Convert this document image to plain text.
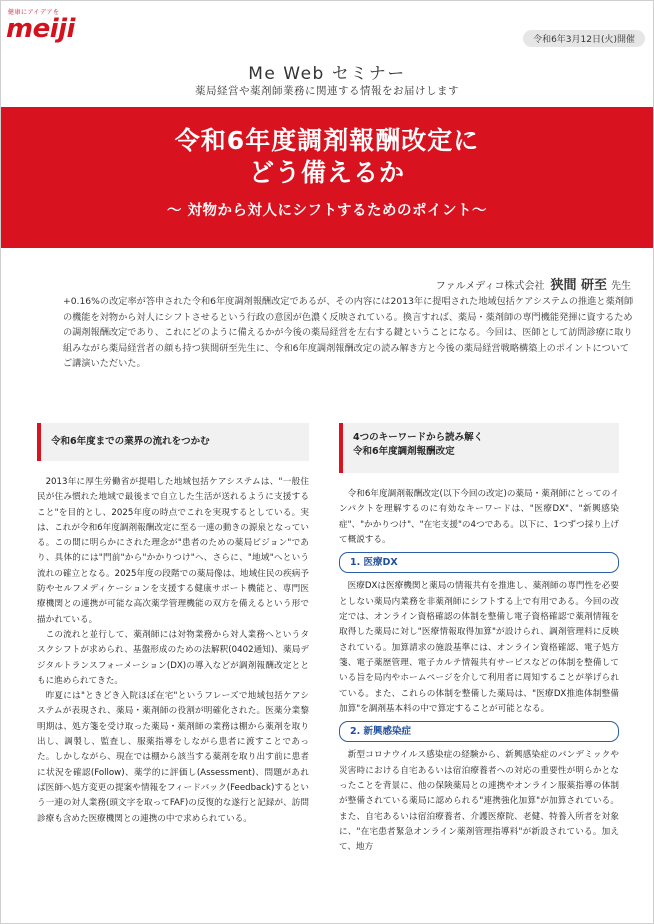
健康にアイデアを
meiji	令和6年3月12日(火)開催
Me Web セミナー
薬局経営や薬剤師業務に関連する情報をお届けします
令和6年度調剤報酬改定に
どう備えるか
～ 対物から対人にシフトするためのポイント～
ファルメディコ株式会社 狭間 研至 先生
+0.16%の改定率が答申された令和6年度調剤報酬改定であるが、その内容には2013年に提唱された地域包括ケアシステムの推進と薬剤師の機能を対物から対人にシフトさせるという行政の意図が色濃く反映されている。換言すれば、薬局・薬剤師の専門機能発揮に資するための調剤報酬改定であり、これにどのように備えるかが今後の薬局経営を左右する鍵ということになる。今回は、医師として訪問診療に取り組みながら薬局経営者の顔も持つ狭間研至先生に、令和6年度調剤報酬改定の読み解き方と今後の薬局経営戦略構築上のポイントについてご講演いただいた。
令和6年度までの業界の流れをつかむ

2013年に厚生労働省が提唱した地域包括ケアシステムは、"一般住民が住み慣れた地域で最後まで自立した生活が送れるように支援すること"を目的とし、2025年度の時点でこれを実現するとしている。実は、これが令和6年度調剤報酬改定に至る一連の動きの源泉となっている。この間に明らかにされた理念が"患者のための薬局ビジョン"であり、具体的には"門前"から"かかりつけ"へ、さらに、"地域"へという流れの確立となる。2025年度の段階での薬局像は、地域住民の疾病予防やセルフメディケーションを支援する健康サポート機能と、専門医療機関との連携が可能な高次薬学管理機能の双方を備えるという形で描かれている。

この流れと並行して、薬剤師には対物業務から対人業務へというタスクシフトが求められ、基盤形成のための法解釈(0402通知)、薬局デジタルトランスフォーメーション(DX)の導入などが調剤報酬改定とともに進められてきた。

昨夏には"ときどき入院ほぼ在宅"というフレーズで地域包括ケアシステムが表現され、薬局・薬剤師の役割が明確化された。医薬分業黎明期は、処方箋を受け取った薬局・薬剤師の業務は棚から薬剤を取り出し、調製し、監査し、服薬指導をしながら患者に渡すことであった。しかしながら、現在では棚から該当する薬剤を取り出す前に患者に状況を確認(Follow)、薬学的に評価し(Assessment)、問題があれば医師へ処方変更の提案や情報をフィードバック(Feedback)するという一連の対人業務(頭文字を取ってFAF)の反復的な遂行と記録が、訪問診療も含めた医療機関との連携の中で求められている。

4つのキーワードから読み解く
令和6年度調剤報酬改定

令和6年度調剤報酬改定(以下今回の改定)の薬局・薬剤師にとってのインパクトを理解するのに有効なキーワードは、"医療DX"、"新興感染症"、"かかりつけ"、"在宅支援"の4つである。以下に、1つずつ採り上げて概説する。

1. 医療DX

医療DXは医療機関と薬局の情報共有を推進し、薬剤師の専門性を必要としない薬局内業務を非薬剤師にシフトする上で有用である。今回の改定では、オンライン資格確認の体制を整備し電子資格確認で薬剤情報を取得した薬局に対し"医療情報取得加算"が設けられ、調剤管理料に反映されている。加算請求の施設基準には、オンライン資格確認、電子処方箋、電子薬歴管理、電子カルテ情報共有サービスなどの体制を整備している旨を局内やホームページを介して利用者に周知することが挙げられている。また、これらの体制を整備した薬局は、"医療DX推進体制整備加算"を調剤基本料の中で算定することが可能となる。

2. 新興感染症

新型コロナウイルス感染症の経験から、新興感染症のパンデミックや災害時における自宅あるいは宿泊療養者への対応の重要性が明らかとなったことを背景に、他の保険薬局との連携やオンライン服薬指導の体制が整備されている薬局に認められる"連携強化加算"が加算されている。また、自宅あるいは宿泊療養者、介護医療院、老健、特養入所者を対象に、"在宅患者緊急オンライン薬剤管理指導料"が新設されている。加えて、地方
